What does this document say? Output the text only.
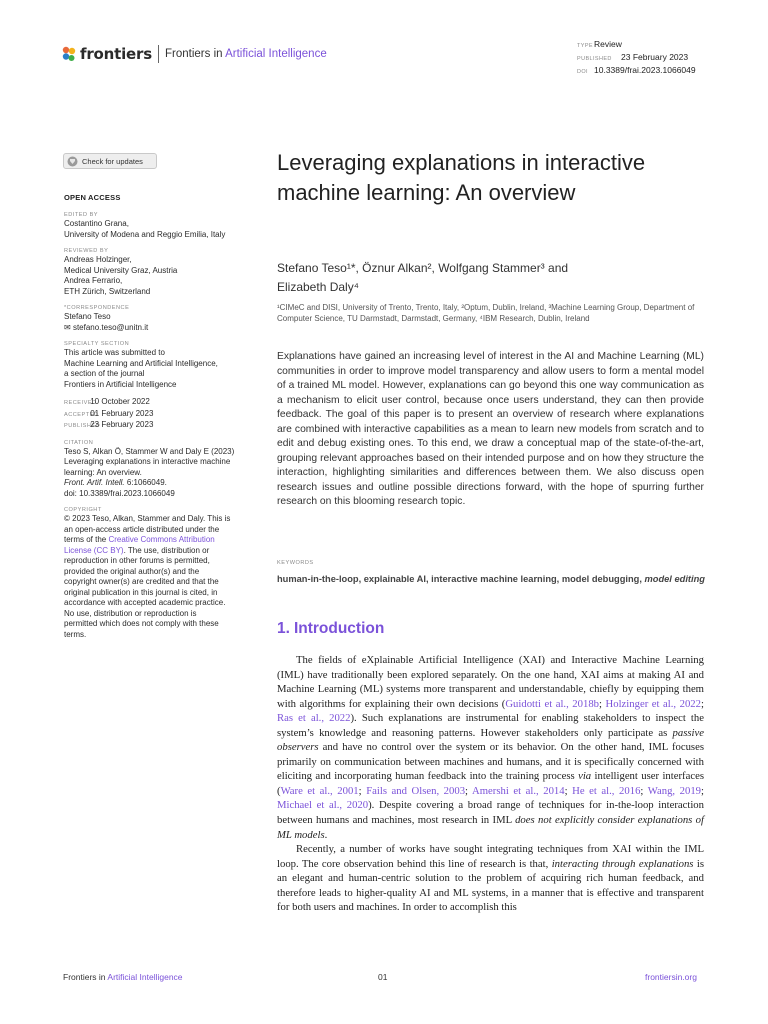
frontiers Frontiers in Artificial Intelligence
TYPEReview
PUBLISHED 23 February 2023
DOI 10.3389/frai.2023.1066049
Check for updates
OPEN ACCESS
EDITED BY
Costantino Grana,
University of Modena and Reggio Emilia, Italy
REVIEWED BY
Andreas Holzinger,
Medical University Graz, Austria
Andrea Ferrario,
ETH Zürich, Switzerland
*CORRESPONDENCE
Stefano Teso
✉ stefano.teso@unitn.it
SPECIALTY SECTION
This article was submitted to
Machine Learning and Artificial Intelligence,
a section of the journal
Frontiers in Artificial Intelligence
RECEIVED 10 October 2022
ACCEPTED 01 February 2023
PUBLISHED 23 February 2023
CITATION
Teso S, Alkan Ö, Stammer W and Daly E (2023)
Leveraging explanations in interactive machine
learning: An overview.
Front. Artif. Intell. 6:1066049.
doi: 10.3389/frai.2023.1066049
COPYRIGHT
© 2023 Teso, Alkan, Stammer and Daly. This is
an open-access article distributed under the
terms of the Creative Commons Attribution
License (CC BY). The use, distribution or
reproduction in other forums is permitted,
provided the original author(s) and the
copyright owner(s) are credited and that the
original publication in this journal is cited, in
accordance with accepted academic practice.
No use, distribution or reproduction is
permitted which does not comply with these
terms.
Leveraging explanations in interactive machine learning: An overview
Stefano Teso¹*, Öznur Alkan², Wolfgang Stammer³ and
Elizabeth Daly⁴
¹CIMeC and DISI, University of Trento, Trento, Italy, ²Optum, Dublin, Ireland, ³Machine Learning Group, Department of Computer Science, TU Darmstadt, Darmstadt, Germany, ⁴IBM Research, Dublin, Ireland
Explanations have gained an increasing level of interest in the AI and Machine Learning (ML) communities in order to improve model transparency and allow users to form a mental model of a trained ML model. However, explanations can go beyond this one way communication as a mechanism to elicit user control, because once users understand, they can then provide feedback. The goal of this paper is to present an overview of research where explanations are combined with interactive capabilities as a mean to learn new models from scratch and to edit and debug existing ones. To this end, we draw a conceptual map of the state-of-the-art, grouping relevant approaches based on their intended purpose and on how they structure the interaction, highlighting similarities and differences between them. We also discuss open research issues and outline possible directions forward, with the hope of spurring further research on this blooming research topic.
KEYWORDS
human-in-the-loop, explainable AI, interactive machine learning, model debugging, model editing
1. Introduction

The fields of eXplainable Artificial Intelligence (XAI) and Interactive Machine Learning (IML) have traditionally been explored separately. On the one hand, XAI aims at making AI and Machine Learning (ML) systems more transparent and understandable, chiefly by equipping them with algorithms for explaining their own decisions (Guidotti et al., 2018b; Holzinger et al., 2022; Ras et al., 2022). Such explanations are instrumental for enabling stakeholders to inspect the system’s knowledge and reasoning patterns. However stakeholders only participate as passive observers and have no control over the system or its behavior. On the other hand, IML focuses primarily on communication between machines and humans, and it is specifically concerned with eliciting and incorporating human feedback into the training process via intelligent user interfaces (Ware et al., 2001; Fails and Olsen, 2003; Amershi et al., 2014; He et al., 2016; Wang, 2019; Michael et al., 2020). Despite covering a broad range of techniques for in-the-loop interaction between humans and machines, most research in IML does not explicitly consider explanations of ML models.

Recently, a number of works have sought integrating techniques from XAI within the IML loop. The core observation behind this line of research is that, interacting through explanations is an elegant and human-centric solution to the problem of acquiring rich human feedback, and therefore leads to higher-quality AI and ML systems, in a manner that is effective and transparent for both users and machines. In order to accomplish this

Frontiers in Artificial Intelligence	01	frontiersin.org
